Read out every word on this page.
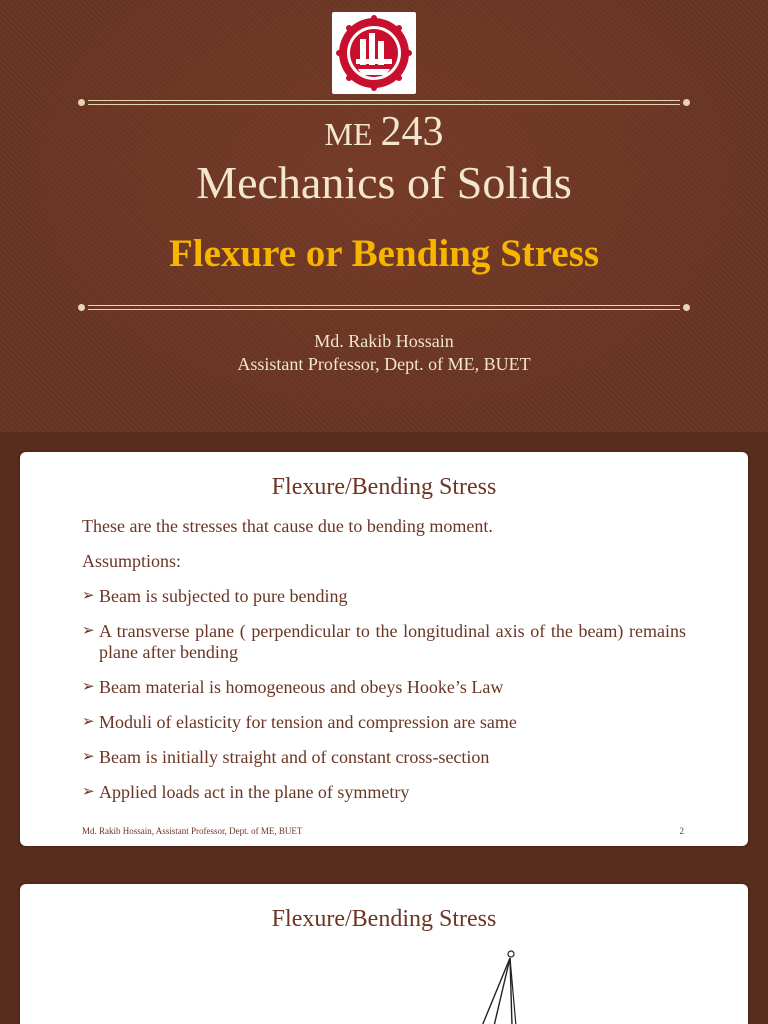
ME 243
Mechanics of Solids
Flexure or Bending Stress
Md. Rakib Hossain
Assistant Professor, Dept. of ME, BUET
Flexure/Bending Stress
These are the stresses that cause due to bending moment.
Assumptions:
➢ Beam is subjected to pure bending
➢ A transverse plane ( perpendicular to the longitudinal axis of the beam) remains plane after bending
➢ Beam material is homogeneous and obeys Hooke’s Law
➢ Moduli of elasticity for tension and compression are same
➢ Beam is initially straight and of constant cross-section
➢ Applied loads act in the plane of symmetry
Md. Rakib Hossain, Assistant Professor, Dept. of ME, BUET	2
Flexure/Bending Stress
